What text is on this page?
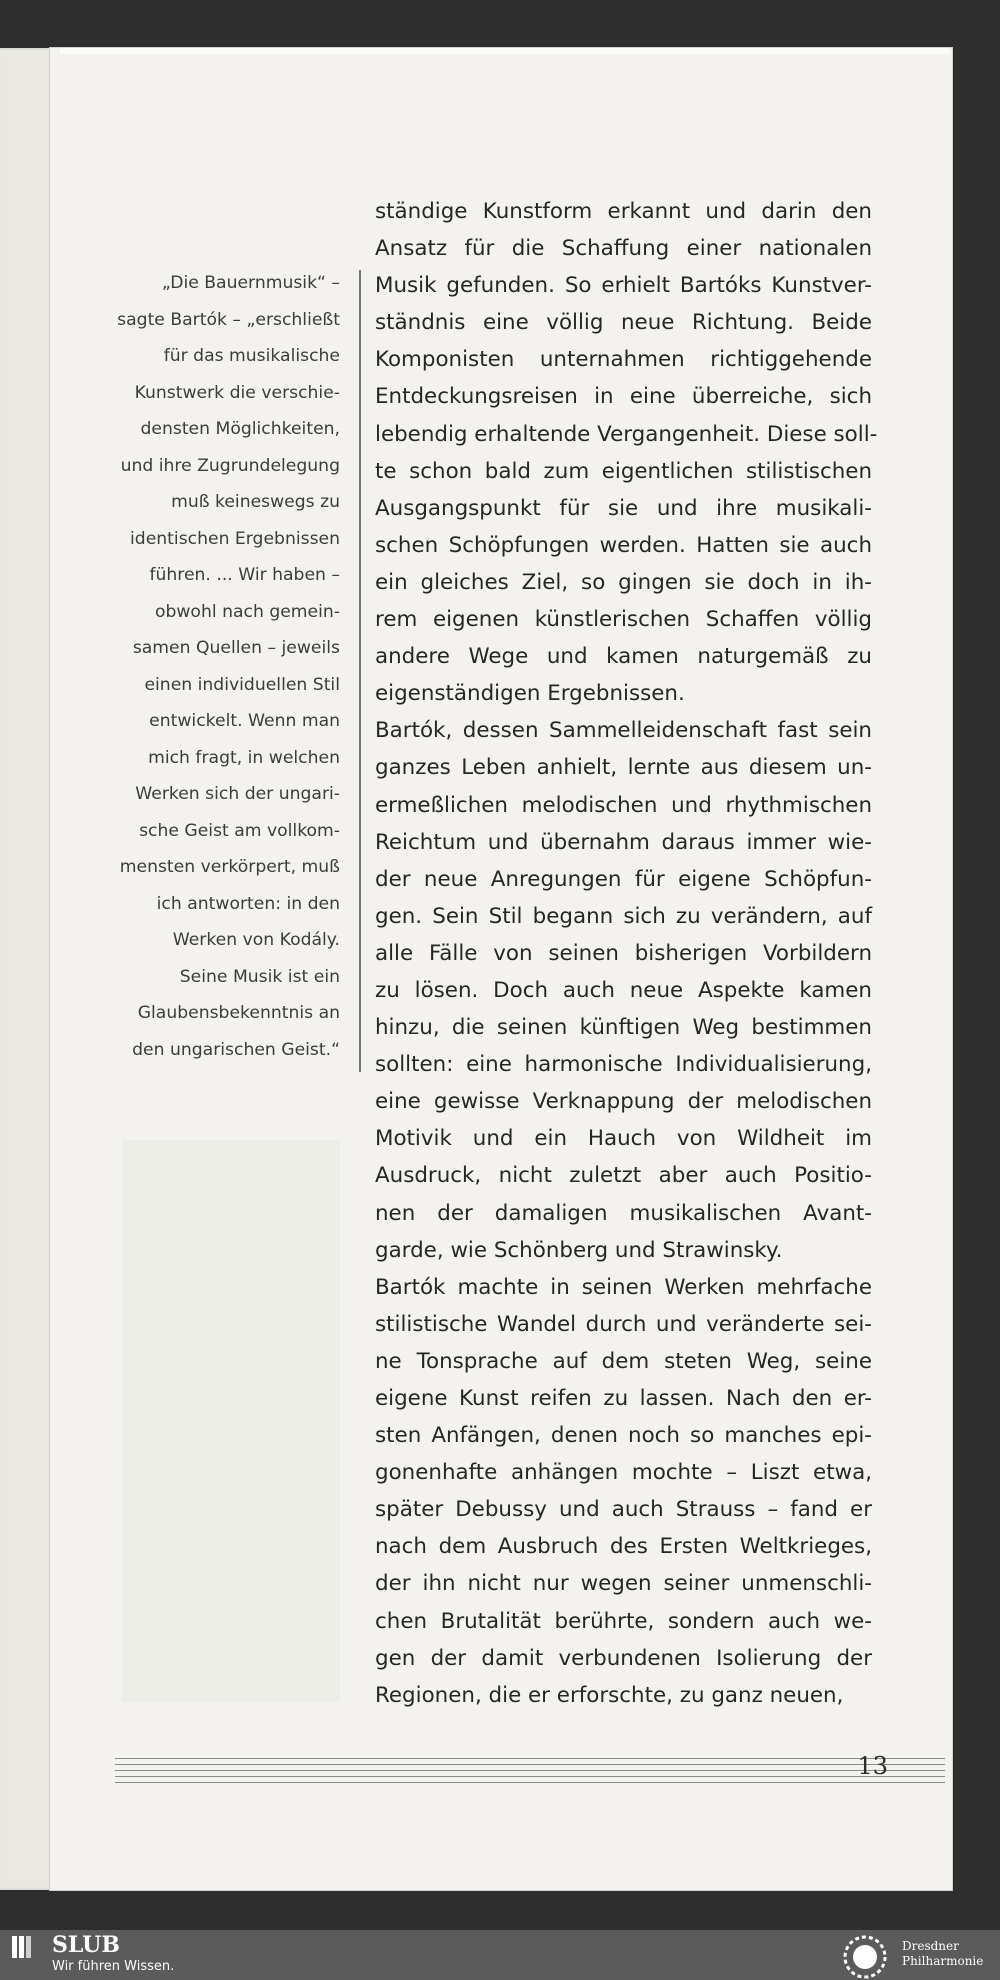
„Die Bauernmusik“ –
sagte Bartók – „erschließt
für das musikalische
Kunstwerk die verschie-
densten Möglichkeiten,
und ihre Zugrundelegung
muß keineswegs zu
identischen Ergebnissen
führen. ... Wir haben –
obwohl nach gemein-
samen Quellen – jeweils
einen individuellen Stil
entwickelt. Wenn man
mich fragt, in welchen
Werken sich der ungari-
sche Geist am vollkom-
mensten verkörpert, muß
ich antworten: in den
Werken von Kodály.
Seine Musik ist ein
Glaubensbekenntnis an
den ungarischen Geist.“
ständige Kunstform erkannt und darin den
Ansatz für die Schaffung einer nationalen
Musik gefunden. So erhielt Bartóks Kunstver-
ständnis eine völlig neue Richtung. Beide
Komponisten unternahmen richtiggehende
Entdeckungsreisen in eine überreiche, sich
lebendig erhaltende Vergangenheit. Diese soll-
te schon bald zum eigentlichen stilistischen
Ausgangspunkt für sie und ihre musikali-
schen Schöpfungen werden. Hatten sie auch
ein gleiches Ziel, so gingen sie doch in ih-
rem eigenen künstlerischen Schaffen völlig
andere Wege und kamen naturgemäß zu
eigenständigen Ergebnissen.
Bartók, dessen Sammelleidenschaft fast sein
ganzes Leben anhielt, lernte aus diesem un-
ermeßlichen melodischen und rhythmischen
Reichtum und übernahm daraus immer wie-
der neue Anregungen für eigene Schöpfun-
gen. Sein Stil begann sich zu verändern, auf
alle Fälle von seinen bisherigen Vorbildern
zu lösen. Doch auch neue Aspekte kamen
hinzu, die seinen künftigen Weg bestimmen
sollten: eine harmonische Individualisierung,
eine gewisse Verknappung der melodischen
Motivik und ein Hauch von Wildheit im
Ausdruck, nicht zuletzt aber auch Positio-
nen der damaligen musikalischen Avant-
garde, wie Schönberg und Strawinsky.
Bartók machte in seinen Werken mehrfache
stilistische Wandel durch und veränderte sei-
ne Tonsprache auf dem steten Weg, seine
eigene Kunst reifen zu lassen. Nach den er-
sten Anfängen, denen noch so manches epi-
gonenhafte anhängen mochte – Liszt etwa,
später Debussy und auch Strauss – fand er
nach dem Ausbruch des Ersten Weltkrieges,
der ihn nicht nur wegen seiner unmenschli-
chen Brutalität berührte, sondern auch we-
gen der damit verbundenen Isolierung der
Regionen, die er erforschte, zu ganz neuen,
13
SLUB
Wir führen Wissen.
Dresdner
Philharmonie
